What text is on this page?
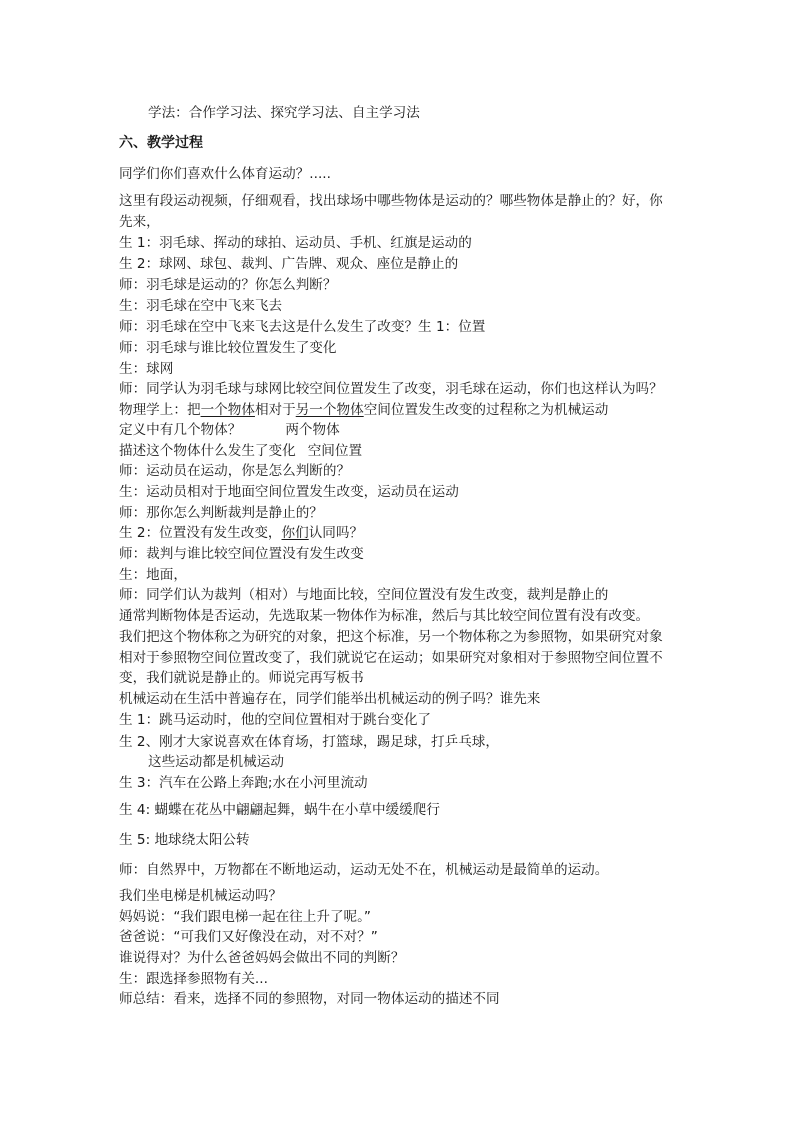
学法：合作学习法、探究学习法、自主学习法

六、教学过程

同学们你们喜欢什么体育运动？.....

这里有段运动视频，仔细观看，找出球场中哪些物体是运动的？哪些物体是静止的？好，你

先来，

生 1：羽毛球、挥动的球拍、运动员、手机、红旗是运动的

生 2：球网、球包、裁判、广告牌、观众、座位是静止的

师：羽毛球是运动的？你怎么判断？

生：羽毛球在空中飞来飞去

师：羽毛球在空中飞来飞去这是什么发生了改变？生 1：位置

师：羽毛球与谁比较位置发生了变化

生：球网

师：同学认为羽毛球与球网比较空间位置发生了改变，羽毛球在运动，你们也这样认为吗？

物理学上：把一个物体相对于另一个物体空间位置发生改变的过程称之为机械运动

定义中有几个物体？	两个物体

描述这个物体什么发生了变化 空间位置

师：运动员在运动，你是怎么判断的？

生：运动员相对于地面空间位置发生改变，运动员在运动

师：那你怎么判断裁判是静止的？

生 2：位置没有发生改变，你们认同吗？

师：裁判与谁比较空间位置没有发生改变

生：地面，

师：同学们认为裁判（相对）与地面比较，空间位置没有发生改变，裁判是静止的

通常判断物体是否运动，先选取某一物体作为标准，然后与其比较空间位置有没有改变。

我们把这个物体称之为研究的对象，把这个标准，另一个物体称之为参照物，如果研究对象

相对于参照物空间位置改变了，我们就说它在运动；如果研究对象相对于参照物空间位置不

变，我们就说是静止的。师说完再写板书

机械运动在生活中普遍存在，同学们能举出机械运动的例子吗？谁先来

生 1：跳马运动时，他的空间位置相对于跳台变化了

生 2、刚才大家说喜欢在体育场，打篮球，踢足球，打乒乓球，

这些运动都是机械运动

生 3：汽车在公路上奔跑;水在小河里流动

生 4: 蝴蝶在花丛中翩翩起舞，蜗牛在小草中缓缓爬行

生 5: 地球绕太阳公转

师：自然界中，万物都在不断地运动，运动无处不在，机械运动是最简单的运动。

我们坐电梯是机械运动吗？

妈妈说：“我们跟电梯一起在往上升了呢。”

爸爸说：“可我们又好像没在动，对不对？”

谁说得对？为什么爸爸妈妈会做出不同的判断？

生：跟选择参照物有关...

师总结：看来，选择不同的参照物，对同一物体运动的描述不同
